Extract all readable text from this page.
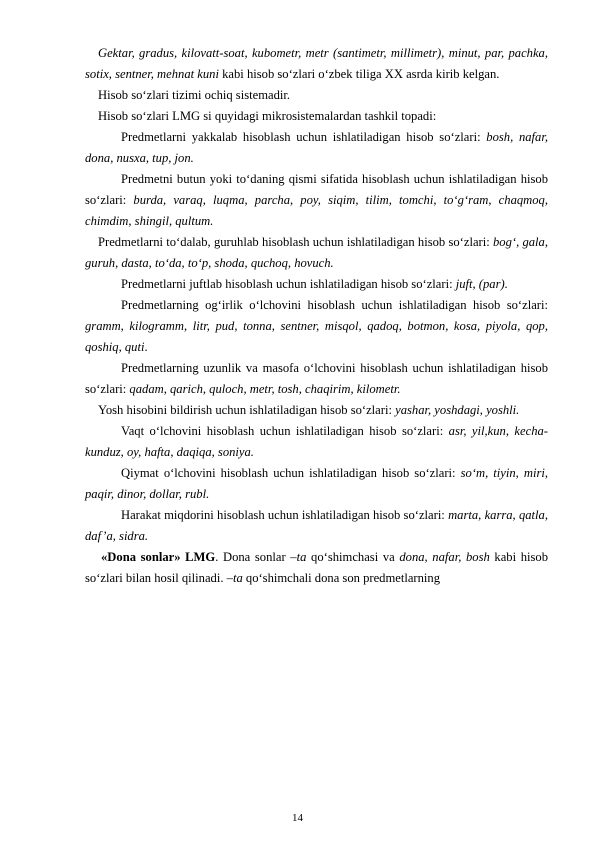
Gektar, gradus, kilovatt-soat, kubometr, metr (santimetr, millimetr), minut, par, pachka, sotix, sentner, mehnat kuni kabi hisob so‘zlari o‘zbek tiliga XX asrda kirib kelgan.

Hisob so‘zlari tizimi ochiq sistemadir.

Hisob so‘zlari LMG si quyidagi mikrosistemalardan tashkil topadi:

Predmetlarni yakkalab hisoblash uchun ishlatiladigan hisob so‘zlari: bosh, nafar, dona, nusxa, tup, jon.

Predmetni butun yoki to‘daning qismi sifatida hisoblash uchun ishlatiladigan hisob so‘zlari: burda, varaq, luqma, parcha, poy, siqim, tilim, tomchi, to‘g‘ram, chaqmoq, chimdim, shingil, qultum.

Predmetlarni to‘dalab, guruhlab hisoblash uchun ishlatiladigan hisob so‘zlari: bog‘, gala, guruh, dasta, to‘da, to‘p, shoda, quchoq, hovuch.

Predmetlarni juftlab hisoblash uchun ishlatiladigan hisob so‘zlari: juft, (par).

Predmetlarning og‘irlik o‘lchovini hisoblash uchun ishlatiladigan hisob so‘zlari: gramm, kilogramm, litr, pud, tonna, sentner, misqol, qadoq, botmon, kosa, piyola, qop, qoshiq, quti.

Predmetlarning uzunlik va masofa o‘lchovini hisoblash uchun ishlatiladigan hisob so‘zlari: qadam, qarich, quloch, metr, tosh, chaqirim, kilometr.

Yosh hisobini bildirish uchun ishlatiladigan hisob so‘zlari: yashar, yoshdagi, yoshli.

Vaqt o‘lchovini hisoblash uchun ishlatiladigan hisob so‘zlari: asr, yil,kun, kecha-kunduz, oy, hafta, daqiqa, soniya.

Qiymat o‘lchovini hisoblash uchun ishlatiladigan hisob so‘zlari: so‘m, tiyin, miri, paqir, dinor, dollar, rubl.

Harakat miqdorini hisoblash uchun ishlatiladigan hisob so‘zlari: marta, karra, qatla, daf’a, sidra.

«Dona sonlar» LMG. Dona sonlar –ta qo‘shimchasi va dona, nafar, bosh kabi hisob so‘zlari bilan hosil qilinadi. –ta qo‘shimchali dona son predmetlarning

14
